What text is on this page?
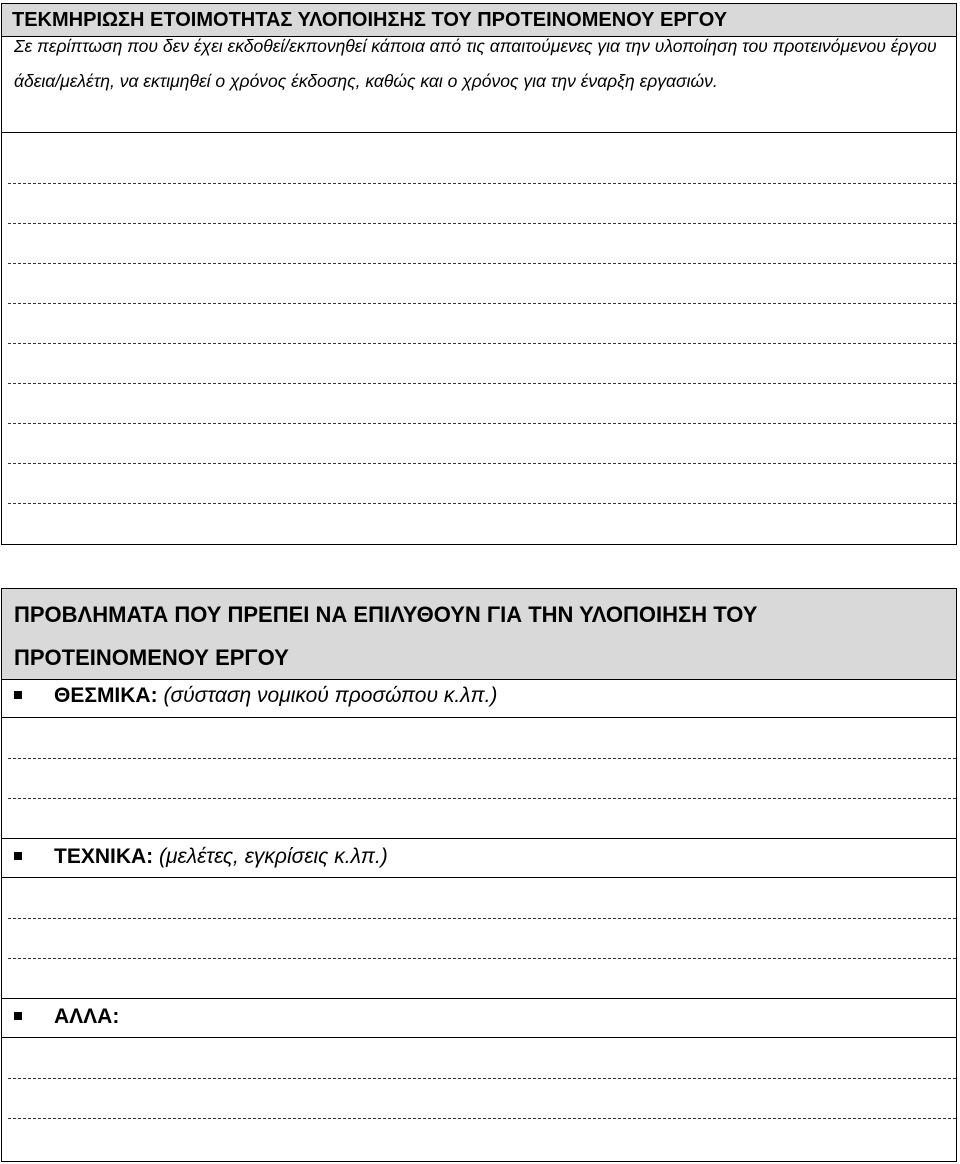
ΤΕΚΜΗΡΙΩΣΗ ΕΤΟΙΜΟΤΗΤΑΣ ΥΛΟΠΟΙΗΣΗΣ ΤΟΥ ΠΡΟΤΕΙΝΟΜΕΝΟΥ ΕΡΓΟΥ
Σε περίπτωση που δεν έχει εκδοθεί/εκπονηθεί κάποια από τις απαιτούμενες για την υλοποίηση του προτεινόμενου έργου άδεια/μελέτη, να εκτιμηθεί ο χρόνος έκδοσης, καθώς και ο χρόνος για την έναρξη εργασιών.
ΠΡΟΒΛΗΜΑΤΑ ΠΟΥ ΠΡΕΠΕΙ ΝΑ ΕΠΙΛΥΘΟΥΝ ΓΙΑ ΤΗΝ ΥΛΟΠΟΙΗΣΗ ΤΟΥ
ΠΡΟΤΕΙΝΟΜΕΝΟΥ ΕΡΓΟΥ
ΘΕΣΜΙΚΑ: (σύσταση νομικού προσώπου κ.λπ.)
ΤΕΧΝΙΚΑ: (μελέτες, εγκρίσεις κ.λπ.)
ΑΛΛΑ:
